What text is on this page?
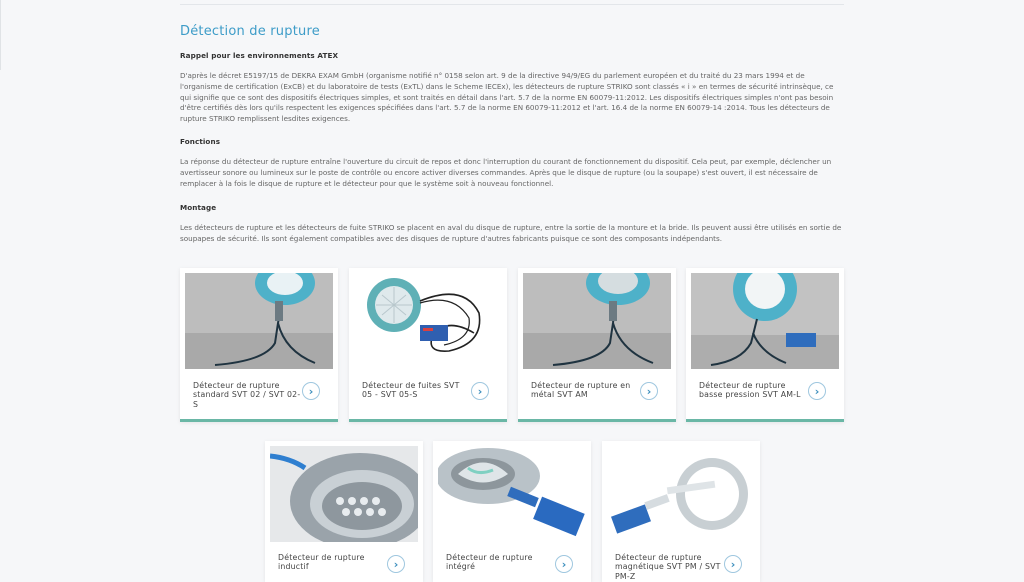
Détection de rupture

Rappel pour les environnements ATEX

D'après le décret E5197/15 de DEKRA EXAM GmbH (organisme notifié n° 0158 selon art. 9 de la directive 94/9/EG du parlement européen et du traité du 23 mars 1994 et de l'organisme de certification (ExCB) et du laboratoire de tests (ExTL) dans le Scheme IECEx), les détecteurs de rupture STRIKO sont classés « i » en termes de sécurité intrinsèque, ce qui signifie que ce sont des dispositifs électriques simples, et sont traités en détail dans l'art. 5.7 de la norme EN 60079-11:2012. Les dispositifs électriques simples n'ont pas besoin d'être certifiés dès lors qu'ils respectent les exigences spécifiées dans l'art. 5.7 de la norme EN 60079-11:2012 et l'art. 16.4 de la norme EN 60079-14 :2014. Tous les détecteurs de rupture STRIKO remplissent lesdites exigences.

Fonctions

La réponse du détecteur de rupture entraîne l'ouverture du circuit de repos et donc l'interruption du courant de fonctionnement du dispositif. Cela peut, par exemple, déclencher un avertisseur sonore ou lumineux sur le poste de contrôle ou encore activer diverses commandes. Après que le disque de rupture (ou la soupape) s'est ouvert, il est nécessaire de remplacer à la fois le disque de rupture et le détecteur pour que le système soit à nouveau fonctionnel.

Montage

Les détecteurs de rupture et les détecteurs de fuite STRIKO se placent en aval du disque de rupture, entre la sortie de la monture et la bride. Ils peuvent aussi être utilisés en sortie de soupapes de sécurité. Ils sont également compatibles avec des disques de rupture d'autres fabricants puisque ce sont des composants indépendants.

Détecteur de rupture standard SVT 02 / SVT 02-S
›	Détecteur de fuites SVT 05 - SVT 05-S	›	Détecteur de rupture en métal SVT AM	›	Détecteur de rupture basse pression SVT AM-L	›
Détecteur de rupture inductif	›	Détecteur de rupture intégré	›	Détecteur de rupture magnétique SVT PM / SVT PM-Z
›
